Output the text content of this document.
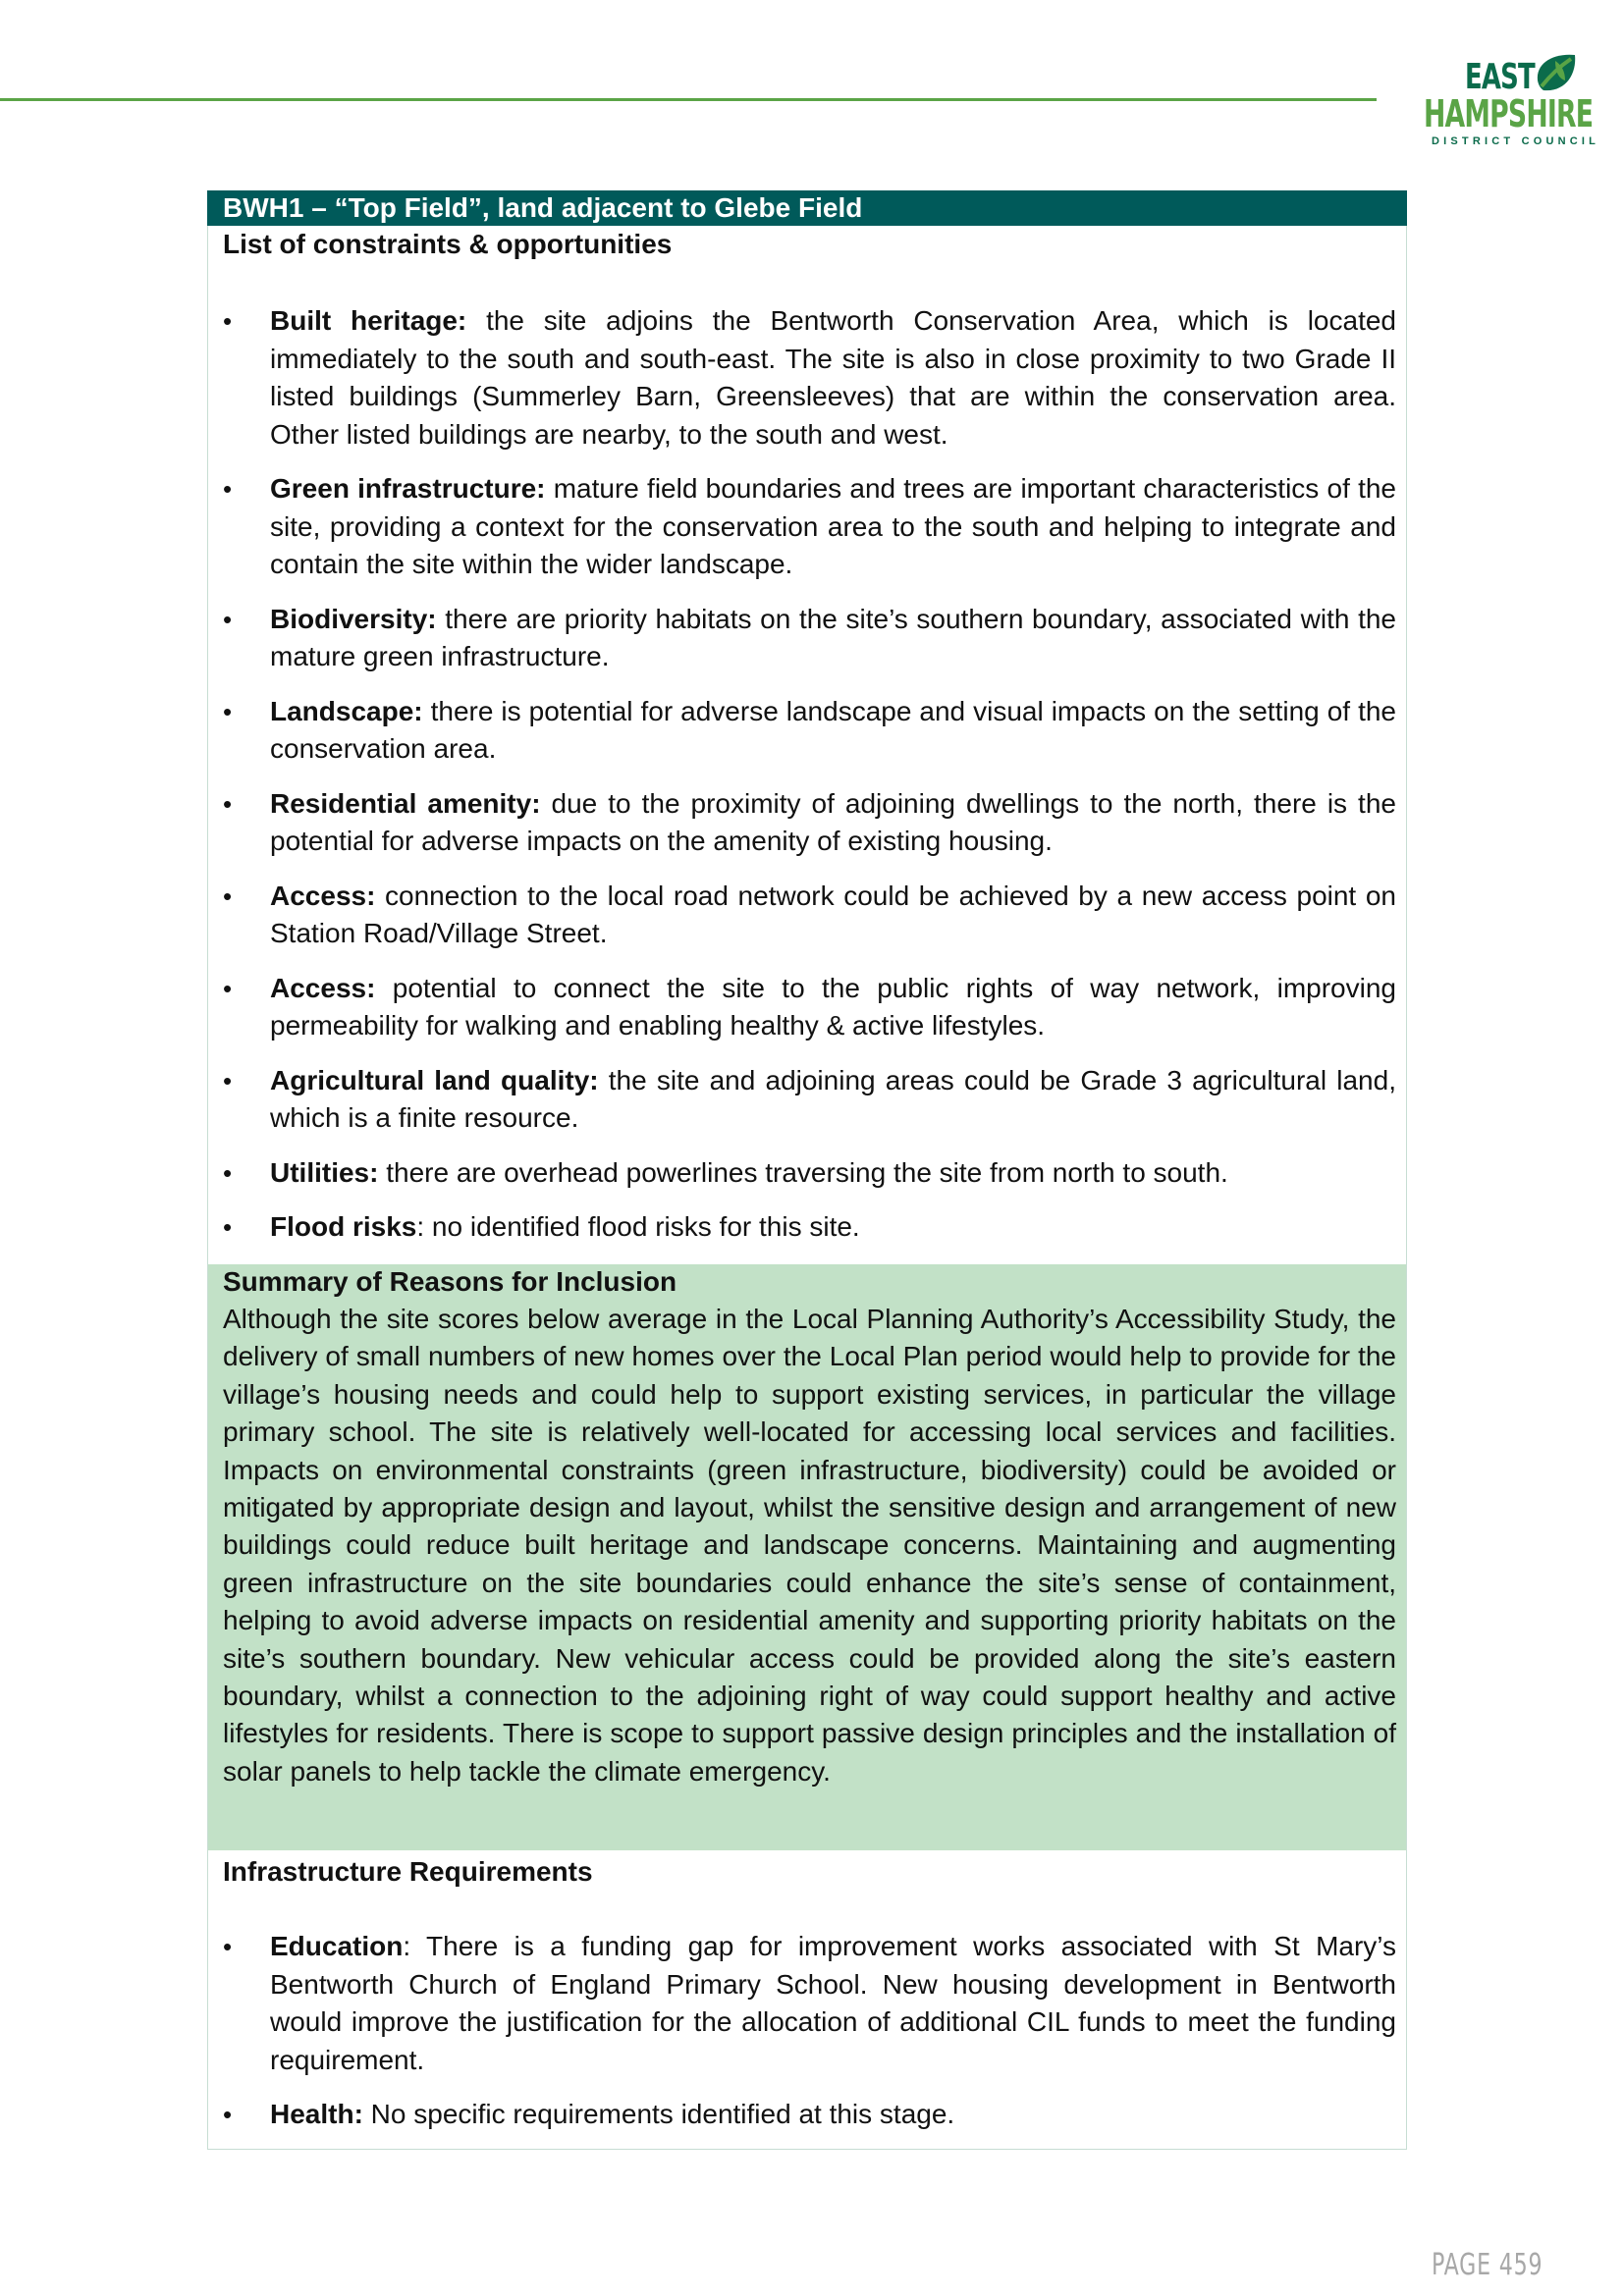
EAST
HAMPSHIRE
DISTRICT COUNCIL
BWH1 – “Top Field”, land adjacent to Glebe Field
List of constraints & opportunities
• Built heritage: the site adjoins the Bentworth Conservation Area, which is located immediately to the south and south-east. The site is also in close proximity to two Grade II listed buildings (Summerley Barn, Greensleeves) that are within the conservation area. Other listed buildings are nearby, to the south and west.
• Green infrastructure: mature field boundaries and trees are important characteristics of the site, providing a context for the conservation area to the south and helping to integrate and contain the site within the wider landscape.
• Biodiversity: there are priority habitats on the site’s southern boundary, associated with the mature green infrastructure.
• Landscape: there is potential for adverse landscape and visual impacts on the setting of the conservation area.
• Residential amenity: due to the proximity of adjoining dwellings to the north, there is the potential for adverse impacts on the amenity of existing housing.
• Access: connection to the local road network could be achieved by a new access point on Station Road/Village Street.
• Access: potential to connect the site to the public rights of way network, improving permeability for walking and enabling healthy & active lifestyles.
• Agricultural land quality: the site and adjoining areas could be Grade 3 agricultural land, which is a finite resource.
• Utilities: there are overhead powerlines traversing the site from north to south.
• Flood risks: no identified flood risks for this site.
Summary of Reasons for Inclusion
Although the site scores below average in the Local Planning Authority’s Accessibility Study, the delivery of small numbers of new homes over the Local Plan period would help to provide for the village’s housing needs and could help to support existing services, in particular the village primary school. The site is relatively well-located for accessing local services and facilities. Impacts on environmental constraints (green infrastructure, biodiversity) could be avoided or mitigated by appropriate design and layout, whilst the sensitive design and arrangement of new buildings could reduce built heritage and landscape concerns. Maintaining and augmenting green infrastructure on the site boundaries could enhance the site’s sense of containment, helping to avoid adverse impacts on residential amenity and supporting priority habitats on the site’s southern boundary. New vehicular access could be provided along the site’s eastern boundary, whilst a connection to the adjoining right of way could support healthy and active lifestyles for residents. There is scope to support passive design principles and the installation of solar panels to help tackle the climate emergency.
Infrastructure Requirements
• Education: There is a funding gap for improvement works associated with St Mary’s Bentworth Church of England Primary School. New housing development in Bentworth would improve the justification for the allocation of additional CIL funds to meet the funding requirement.
• Health: No specific requirements identified at this stage.
PAGE 459
